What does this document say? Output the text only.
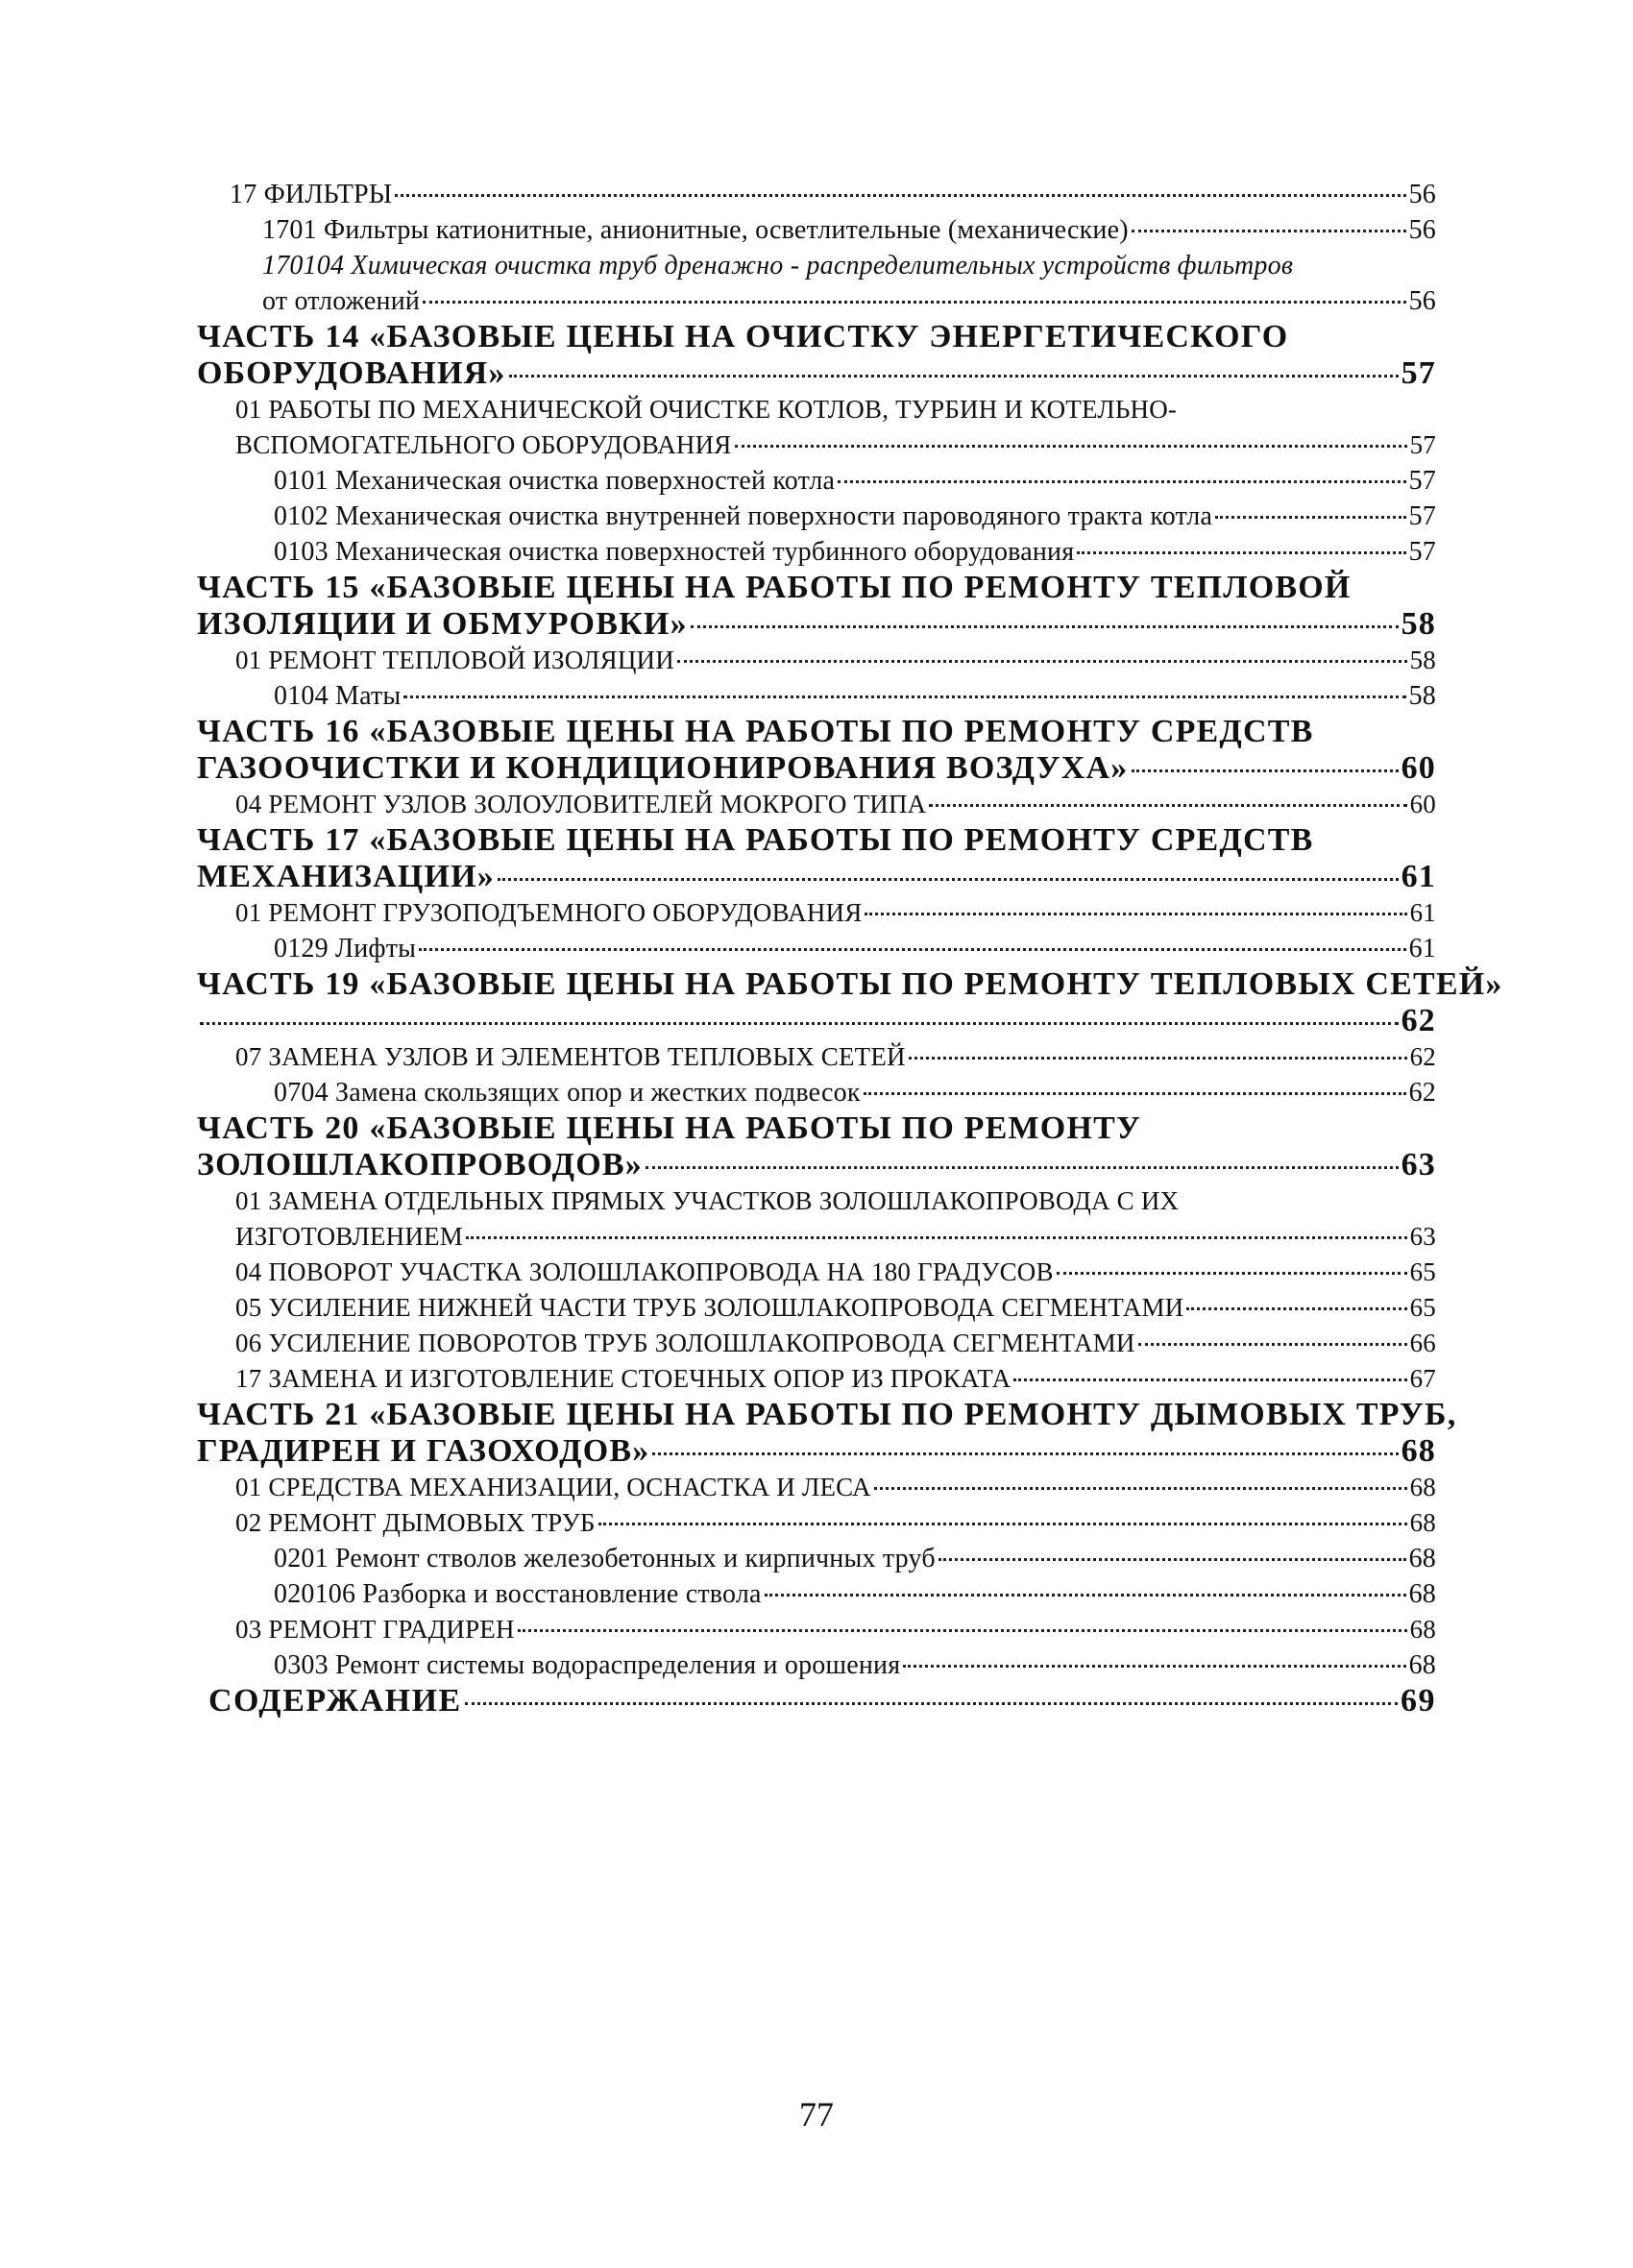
17 ФИЛЬТРЫ	56
1701 Фильтры катионитные, анионитные, осветлительные (механические)	56
170104 Химическая очистка труб дренажно - распределительных устройств фильтров
от отложений	56
ЧАСТЬ 14 «БАЗОВЫЕ ЦЕНЫ НА ОЧИСТКУ ЭНЕРГЕТИЧЕСКОГО
ОБОРУДОВАНИЯ»	57
01 РАБОТЫ ПО МЕХАНИЧЕСКОЙ ОЧИСТКЕ КОТЛОВ, ТУРБИН И КОТЕЛЬНО-
ВСПОМОГАТЕЛЬНОГО ОБОРУДОВАНИЯ	57
0101 Механическая очистка поверхностей котла	57
0102 Механическая очистка внутренней поверхности пароводяного тракта котла	57
0103 Механическая очистка поверхностей турбинного оборудования	57
ЧАСТЬ 15 «БАЗОВЫЕ ЦЕНЫ НА РАБОТЫ ПО РЕМОНТУ ТЕПЛОВОЙ
ИЗОЛЯЦИИ И ОБМУРОВКИ»	58
01 РЕМОНТ ТЕПЛОВОЙ ИЗОЛЯЦИИ	58
0104 Маты	58
ЧАСТЬ 16 «БАЗОВЫЕ ЦЕНЫ НА РАБОТЫ ПО РЕМОНТУ СРЕДСТВ
ГАЗООЧИСТКИ И КОНДИЦИОНИРОВАНИЯ ВОЗДУХА»	60
04 РЕМОНТ УЗЛОВ ЗОЛОУЛОВИТЕЛЕЙ МОКРОГО ТИПА	60
ЧАСТЬ 17 «БАЗОВЫЕ ЦЕНЫ НА РАБОТЫ ПО РЕМОНТУ СРЕДСТВ
МЕХАНИЗАЦИИ»	61
01 РЕМОНТ ГРУЗОПОДЪЕМНОГО ОБОРУДОВАНИЯ	61
0129 Лифты	61
ЧАСТЬ 19 «БАЗОВЫЕ ЦЕНЫ НА РАБОТЫ ПО РЕМОНТУ ТЕПЛОВЫХ СЕТЕЙ»
62
07 ЗАМЕНА УЗЛОВ И ЭЛЕМЕНТОВ ТЕПЛОВЫХ СЕТЕЙ	62
0704 Замена скользящих опор и жестких подвесок	62
ЧАСТЬ 20 «БАЗОВЫЕ ЦЕНЫ НА РАБОТЫ ПО РЕМОНТУ
ЗОЛОШЛАКОПРОВОДОВ»	63
01 ЗАМЕНА ОТДЕЛЬНЫХ ПРЯМЫХ УЧАСТКОВ ЗОЛОШЛАКОПРОВОДА С ИХ
ИЗГОТОВЛЕНИЕМ	63
04 ПОВОРОТ УЧАСТКА ЗОЛОШЛАКОПРОВОДА НА 180 ГРАДУСОВ	65
05 УСИЛЕНИЕ НИЖНЕЙ ЧАСТИ ТРУБ ЗОЛОШЛАКОПРОВОДА СЕГМЕНТАМИ	65
06 УСИЛЕНИЕ ПОВОРОТОВ ТРУБ ЗОЛОШЛАКОПРОВОДА СЕГМЕНТАМИ	66
17 ЗАМЕНА И ИЗГОТОВЛЕНИЕ СТОЕЧНЫХ ОПОР ИЗ ПРОКАТА	67
ЧАСТЬ 21 «БАЗОВЫЕ ЦЕНЫ НА РАБОТЫ ПО РЕМОНТУ ДЫМОВЫХ ТРУБ,
ГРАДИРЕН И ГАЗОХОДОВ»	68
01 СРЕДСТВА МЕХАНИЗАЦИИ, ОСНАСТКА И ЛЕСА	68
02 РЕМОНТ ДЫМОВЫХ ТРУБ	68
0201 Ремонт стволов железобетонных и кирпичных труб	68
020106 Разборка и восстановление ствола	68
03 РЕМОНТ ГРАДИРЕН	68
0303 Ремонт системы водораспределения и орошения	68
СОДЕРЖАНИЕ	69
77
